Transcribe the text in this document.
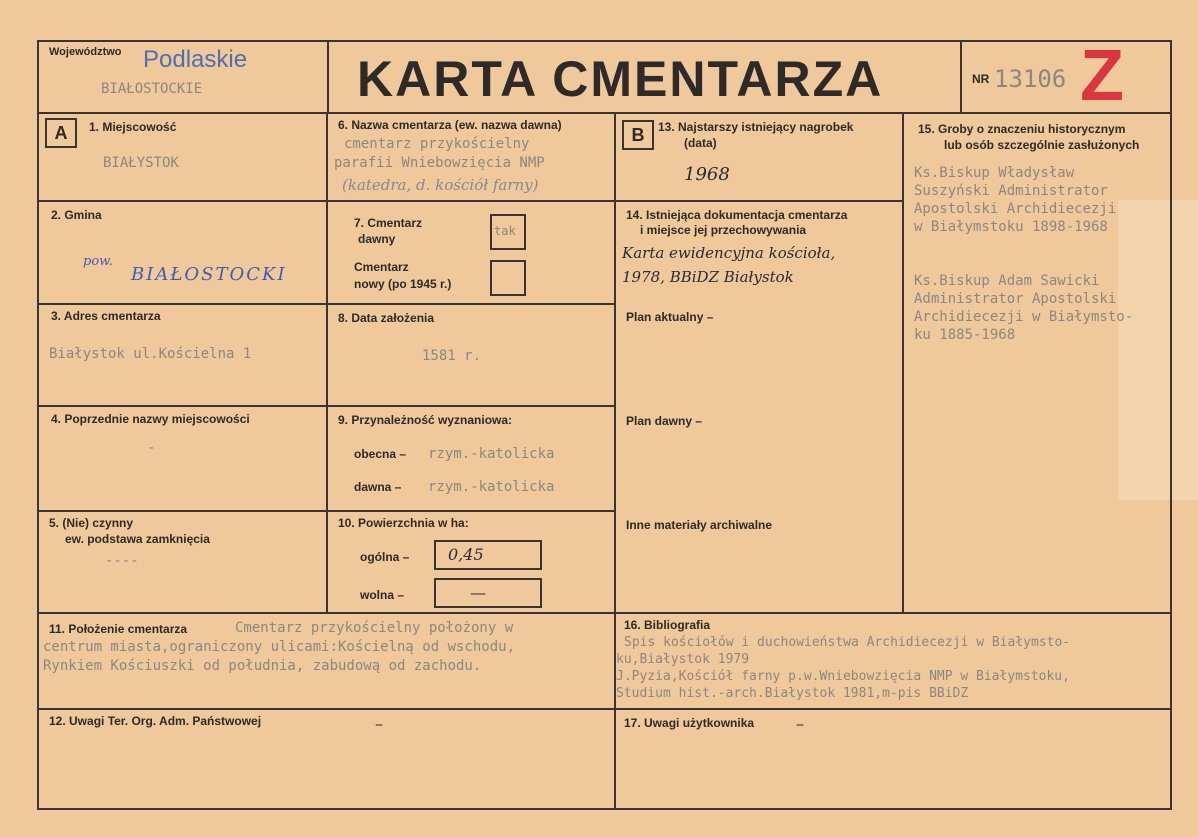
Województwo Podlaskie
BIAŁOSTOCKIE	KARTA CMENTARZA	NR 13106 Z
A	1. Miejscowość
BIAŁYSTOK
2. Gmina
pow.
BIAŁOSTOCKI
3. Adres cmentarza
Białystok ul.Kościelna 1
4. Poprzednie nazwy miejscowości
-
5. (Nie) czynny
ew. podstawa zamknięcia
----
6. Nazwa cmentarza (ew. nazwa dawna)
cmentarz przykościelny
parafii Wniebowzięcia NMP
(katedra, d. kościół farny)
7. Cmentarz
dawny
tak
Cmentarz
nowy (po 1945 r.)
8. Data założenia
1581 r.
9. Przynależność wyznaniowa:
obecna – rzym.-katolicka
dawna – rzym.-katolicka
10. Powierzchnia w ha:
ogólna – 0,45
wolna –	—
B	13. Najstarszy istniejący nagrobek
(data)
1968
14. Istniejąca dokumentacja cmentarza
i miejsce jej przechowywania
Karta ewidencyjna kościoła,
1978, BBiDZ Białystok
Plan aktualny –
Plan dawny –
Inne materiały archiwalne
15. Groby o znaczeniu historycznym
lub osób szczególnie zasłużonych
Ks.Biskup Władysław
Suszyński Administrator
Apostolski Archidiecezji
w Białymstoku 1898-1968
Ks.Biskup Adam Sawicki
Administrator Apostolski
Archidiecezji w Białymsto-
ku 1885-1968
11. Położenie cmentarza	Cmentarz przykościelny położony w
centrum miasta,ograniczony ulicami:Kościelną od wschodu,
Rynkiem Kościuszki od południa, zabudową od zachodu.
16. Bibliografia
Spis kościołów i duchowieństwa Archidiecezji w Białymsto-
ku,Białystok 1979
J.Pyzia,Kościół farny p.w.Wniebowzięcia NMP w Białymstoku,
Studium hist.-arch.Białystok 1981,m-pis BBiDZ
12. Uwagi Ter. Org. Adm. Państwowej	–	17. Uwagi użytkownika	–
